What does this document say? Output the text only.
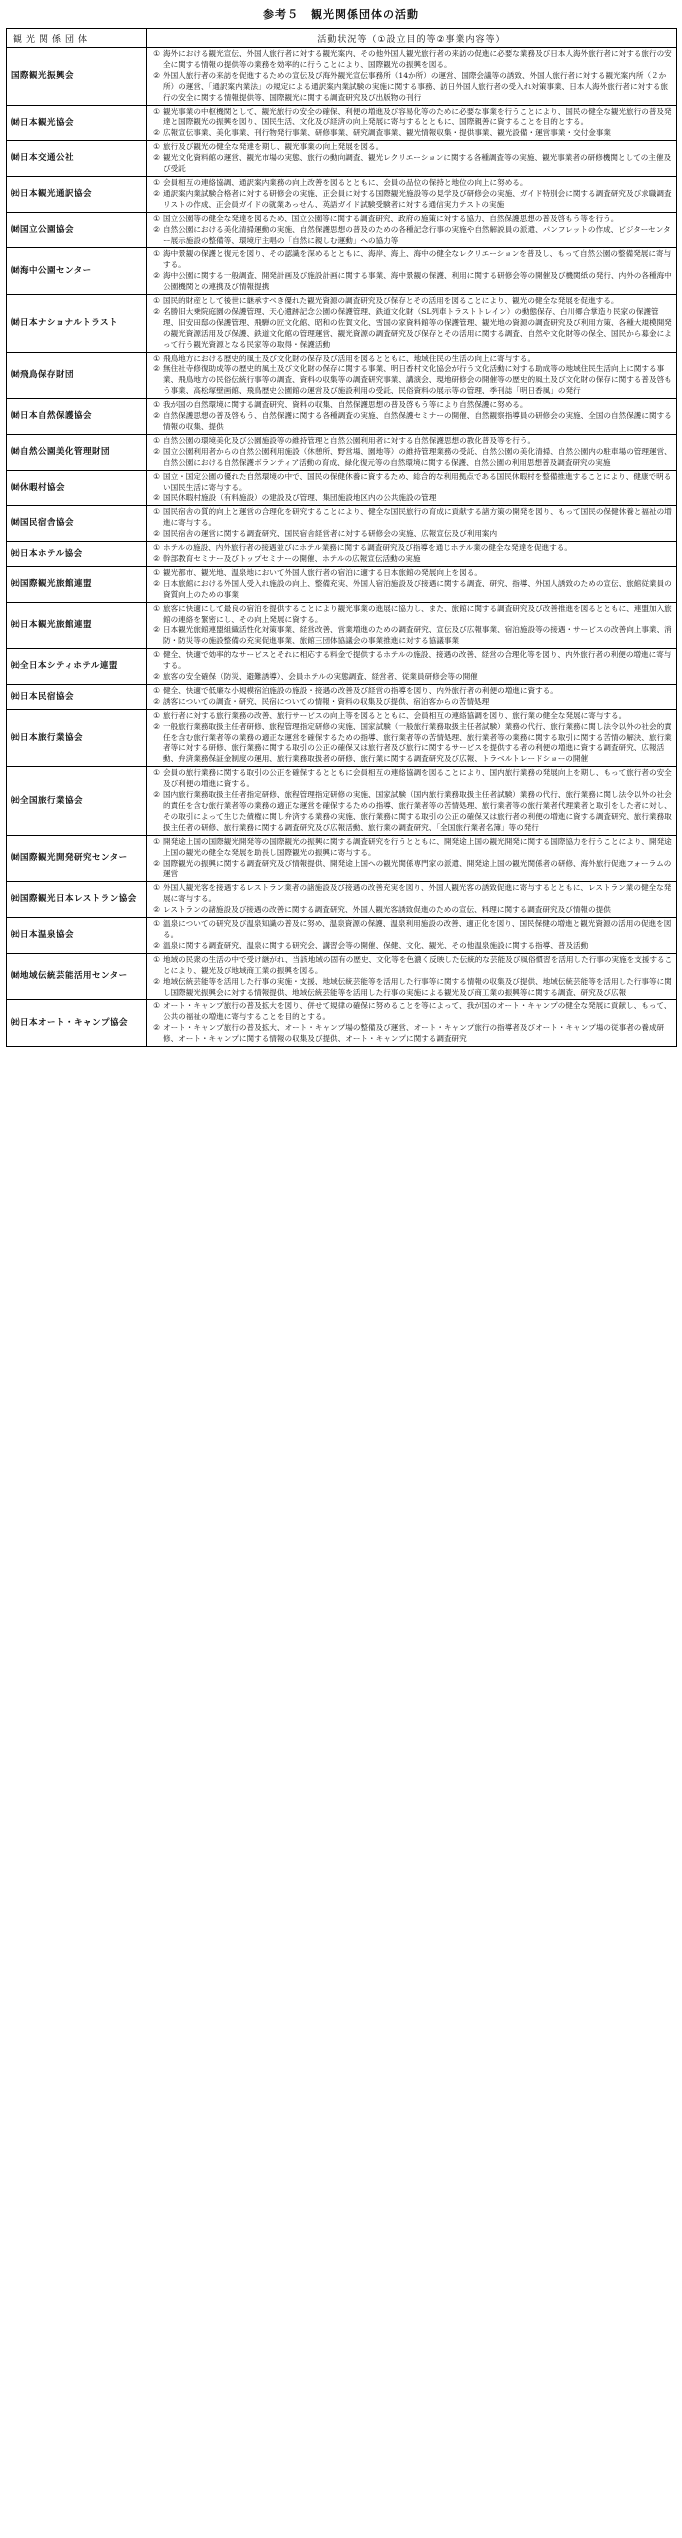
参考５　観光関係団体の活動
観光関係団体	活動状況等（①設立目的等②事業内容等）
国際観光振興会	① 海外における観光宣伝、外国人旅行者に対する観光案内、その他外国人観光旅行者の来訪の促進に必要な業務及び日本人海外旅行者に対する旅行の安全に関する情報の提供等の業務を効率的に行うことにより、国際観光の振興を図る。
② 外国人旅行者の来訪を促進するための宣伝及び海外観光宣伝事務所（14か所）の運営、国際会議等の誘致、外国人旅行者に対する観光案内所（２か所）の運営、「通訳案内業法」の規定による通訳案内業試験の実施に関する事務、訪日外国人旅行者の受入れ対策事業、日本人海外旅行者に対する旅行の安全に関する情報提供等、国際観光に関する調査研究及び出版物の刊行

㈶日本観光協会	① 観光事業の中枢機関として、観光旅行の安全の確保、利便の増進及び容易化等のために必要な事業を行うことにより、国民の健全な観光旅行の普及発達と国際観光の振興を図り、国民生活、文化及び経済の向上発展に寄与するとともに、国際親善に資することを目的とする。
② 広報宣伝事業、美化事業、刊行物発行事業、研修事業、研究調査事業、観光情報収集・提供事業、観光設備・運営事業・交付金事業

㈶日本交通公社	① 旅行及び観光の健全な発達を期し、観光事業の向上発展を図る。
② 観光文化資料館の運営、観光市場の実態、旅行の動向調査、観光レクリエーションに関する各種調査等の実施、観光事業者の研修機関としての主催及び受託

㈳日本観光通訳協会	① 会員相互の連絡協調、通訳案内業務の向上改善を図るとともに、会員の品位の保持と地位の向上に努める。
② 通訳案内業試験合格者に対する研修会の実施、正会員に対する国際観光施設等の見学及び研修会の実施、ガイド特別会に関する調査研究及び求職調査リストの作成、正会員ガイドの就業あっせん、英語ガイド試験受験者に対する通信実力テストの実施

㈶国立公園協会	① 国立公園等の健全な発達を図るため、国立公園等に関する調査研究、政府の施策に対する協力、自然保護思想の普及啓もう等を行う。
② 自然公園における美化清掃運動の実施、自然保護思想の普及のための各種記念行事の実施や自然解説員の派遣、パンフレットの作成、ビジターセンター展示施設の整備等、環境庁主唱の「自然に親しむ運動」への協力等

㈶海中公園センター	① 海中景観の保護と復元を図り、その認識を深めるとともに、海岸、海上、海中の健全なレクリエーションを普及し、もって自然公園の整備発展に寄与する。
② 海中公園に関する一般調査、開発計画及び施設計画に関する事業、海中景観の保護、利用に関する研修会等の開催及び機関紙の発行、内外の各種海中公園機関との連携及び情報提携

㈶日本ナショナルトラスト	① 国民的財産として後世に継承すべき優れた観光資源の調査研究及び保存とその活用を図ることにより、観光の健全な発展を促進する。
② 名勝旧大乗院庭園の保護管理、天心遺跡記念公園の保護管理、鉄道文化財（SL列車トラストトレイン）の動態保存、白川郷合掌造り民家の保護管理、旧安田邸の保護管理、飛騨の匠文化館、昭和の佐賀文化、雪国の家資料館等の保護管理、観光地の資源の調査研究及び利用方策、各種大規模開発の観光資源活用及び保護、鉄道文化館の管理運営、観光資源の調査研究及び保存とその活用に関する調査、自然や文化財等の保全、国民から募金によって行う観光資源となる民家等の取得・保護活動

㈶飛鳥保存財団	① 飛鳥地方における歴史的風土及び文化財の保存及び活用を図るとともに、地域住民の生活の向上に寄与する。
② 無住社寺修復助成等の歴史的風土及び文化財の保存に関する事業、明日香村文化協会が行う文化活動に対する助成等の地域住民生活向上に関する事業、飛鳥地方の民俗伝統行事等の調査、資料の収集等の調査研究事業、講演会、現地研修会の開催等の歴史的風土及び文化財の保存に関する普及啓もう事業、高松塚壁画館、飛鳥歴史公園館の運営及び施設利用の受託、民俗資料の展示等の管理、季刊誌「明日香風」の発行

㈶日本自然保護協会	① 我が国の自然環境に関する調査研究、資料の収集、自然保護思想の普及啓もう等により自然保護に努める。
② 自然保護思想の普及啓もう、自然保護に関する各種調査の実施、自然保護セミナーの開催、自然観察指導員の研修会の実施、全国の自然保護に関する情報の収集、提供

㈶自然公園美化管理財団	① 自然公園の環境美化及び公園施設等の維持管理と自然公園利用者に対する自然保護思想の教化普及等を行う。
② 国立公園利用者からの自然公園利用施設（休憩所、野営場、園地等）の維持管理業務の受託、自然公園の美化清掃、自然公園内の駐車場の管理運営、自然公園における自然保護ボランティア活動の育成、緑化復元等の自然環境に関する保護、自然公園の利用思想普及調査研究の実施

㈶休暇村協会	① 国立・国定公園の優れた自然環境の中で、国民の保健休養に資するため、総合的な利用拠点である国民休暇村を整備推進することにより、健康で明るい国民生活に寄与する。
② 国民休暇村施設（有料施設）の建設及び管理、集団施設地区内の公共施設の管理

㈶国民宿舎協会	① 国民宿舎の質的向上と運営の合理化を研究することにより、健全な国民旅行の育成に貢献する諸方策の開発を図り、もって国民の保健休養と福祉の増進に寄与する。
② 国民宿舎の運営に関する調査研究、国民宿舎経営者に対する研修会の実施、広報宣伝及び利用案内

㈳日本ホテル協会	① ホテルの施設、内外旅行者の接遇並びにホテル業務に関する調査研究及び指導を通じホテル業の健全な発達を促進する。
② 幹部教育セミナー及びトップセミナーの開催、ホテルの広報宣伝活動の実施

㈳国際観光旅館連盟	① 観光都市、観光地、温泉地において外国人旅行者の宿泊に適する日本旅館の発展向上を図る。
② 日本旅館における外国人受入れ施設の向上、整備充実、外国人宿泊施設及び接遇に関する調査、研究、指導、外国人誘致のための宣伝、旅館従業員の資質向上のための事業

㈳日本観光旅館連盟	① 旅客に快適にして最良の宿泊を提供することにより観光事業の進展に協力し、また、旅館に関する調査研究及び改善推進を図るとともに、連盟加入旅館の連絡を緊密にし、その向上発展に資する。
② 日本観光旅館連盟組織活性化対策事業、経営改善、営業増進のための調査研究、宣伝及び広報事業、宿泊施設等の接遇・サービスの改善向上事業、消防・防災等の施設整備の充実促進事業、旅館三団体協議会の事業推進に対する協議事業

㈳全日本シティホテル連盟	① 健全、快適で効率的なサービスとそれに相応する料金で提供するホテルの施設、接遇の改善、経営の合理化等を図り、内外旅行者の利便の増進に寄与する。
② 旅客の安全確保（防災、避難誘導）、会員ホテルの実態調査、経営者、従業員研修会等の開催

㈳日本民宿協会	① 健全、快適で低廉な小規模宿泊施設の施設・接遇の改善及び経営の指導を図り、内外旅行者の利便の増進に資する。
② 誘客についての調査・研究、民宿についての情報・資料の収集及び提供、宿泊客からの苦情処理

㈳日本旅行業協会	① 旅行者に対する旅行業務の改善、旅行サービスの向上等を図るとともに、会員相互の連絡協調を図り、旅行業の健全な発展に寄与する。
② 一般旅行業務取扱主任者研修、旅程管理指定研修の実施、国家試験（一般旅行業務取扱主任者試験）業務の代行、旅行業務に関し法令以外の社会的責任を含む旅行業者等の業務の適正な運営を確保するための指導、旅行業者等の苦情処理、旅行業者等の業務に関する取引に関する苦情の解決、旅行業者等に対する研修、旅行業務に関する取引の公正の確保又は旅行者及び旅行に関するサービスを提供する者の利便の増進に資する調査研究、広報活動、弁済業務保証金制度の運用、旅行業務取扱者の研修、旅行業に関する調査研究及び広報、トラベルトレードショーの開催

㈳全国旅行業協会	① 会員の旅行業務に関する取引の公正を確保するとともに会員相互の連絡協調を図ることにより、国内旅行業務の発展向上を期し、もって旅行者の安全及び利便の増進に資する。
② 国内旅行業務取扱主任者指定研修、旅程管理指定研修の実施、国家試験（国内旅行業務取扱主任者試験）業務の代行、旅行業務に関し法令以外の社会的責任を含む旅行業者等の業務の適正な運営を確保するための指導、旅行業者等の苦情処理、旅行業者等の旅行業者代理業者と取引をした者に対し、その取引によって生じた債権に関し弁済する業務の実施、旅行業務に関する取引の公正の確保又は旅行者の利便の増進に資する調査研究、旅行業務取扱主任者の研修、旅行業務に関する調査研究及び広報活動、旅行業の調査研究、「全国旅行業者名簿」等の発行

㈶国際観光開発研究センター	① 開発途上国の国際観光開発等の国際観光の振興に関する調査研究を行うとともに、開発途上国の観光開発に関する国際協力を行うことにより、開発途上国の観光の健全な発展を助長し国際観光の振興に寄与する。
② 国際観光の振興に関する調査研究及び情報提供、開発途上国への観光関係専門家の派遣、開発途上国の観光関係者の研修、海外旅行促進フォーラムの運営

㈳国際観光日本レストラン協会	① 外国人観光客を接遇するレストラン業者の諸施設及び接遇の改善充実を図り、外国人観光客の誘致促進に寄与するとともに、レストラン業の健全な発展に寄与する。
② レストランの諸施設及び接遇の改善に関する調査研究、外国人観光客誘致促進のための宣伝、料理に関する調査研究及び情報の提供

㈳日本温泉協会	① 温泉についての研究及び温泉知識の普及に努め、温泉資源の保護、温泉利用施設の改善、適正化を図り、国民保健の増進と観光資源の活用の促進を図る。
② 温泉に関する調査研究、温泉に関する研究会、講習会等の開催、保健、文化、観光、その他温泉施設に関する指導、普及活動

㈶地域伝統芸能活用センター	① 地域の民衆の生活の中で受け継がれ、当該地域の固有の歴史、文化等を色濃く反映した伝統的な芸能及び風俗慣習を活用した行事の実施を支援することにより、観光及び地域商工業の振興を図る。
② 地域伝統芸能等を活用した行事の実施・支援、地域伝統芸能等を活用した行事等に関する情報の収集及び提供、地域伝統芸能等を活用した行事等に関し国際観光振興会に対する情報提供、地域伝統芸能等を活用した行事の実施による観光及び商工業の振興等に関する調査、研究及び広報

㈳日本オート・キャンプ協会	① オート・キャンプ旅行の普及拡大を図り、併せて規律の確保に努めることを等によって、我が国のオート・キャンプの健全な発展に貢献し、もって、公共の福祉の増進に寄与することを目的とする。
② オート・キャンプ旅行の普及拡大、オート・キャンプ場の整備及び運営、オート・キャンプ旅行の指導者及びオート・キャンプ場の従事者の養成研修、オート・キャンプに関する情報の収集及び提供、オート・キャンプに関する調査研究
